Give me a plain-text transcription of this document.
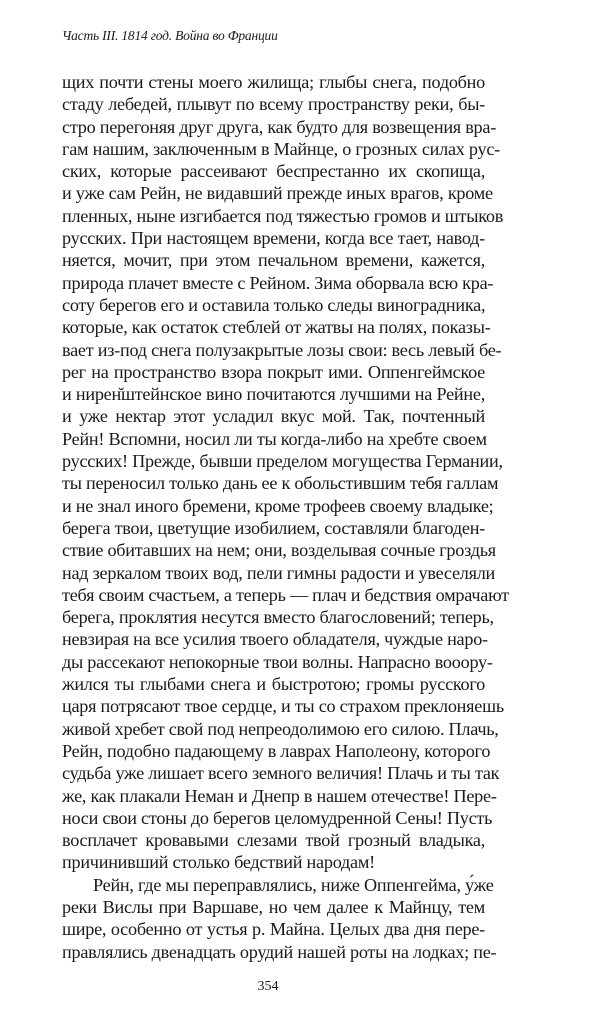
Часть III. 1814 год. Война во Франции
щих почти стены моего жилища; глыбы снега, подобно
стаду лебедей, плывут по всему пространству реки, бы-
стро перегоняя друг друга, как будто для возвещения вра-
гам нашим, заключенным в Майнце, о грозных силах рус-
ских, которые рассеивают беспрестанно их скопища,
и уже сам Рейн, не видавший прежде иных врагов, кроме
пленных, ныне изгибается под тяжестью громов и штыков
русских. При настоящем времени, когда все тает, навод-
няется, мочит, при этом печальном времени, кажется,
природа плачет вместе с Рейном. Зима оборвала всю кра-
соту берегов его и оставила только следы виноградника,
которые, как остаток стеблей от жатвы на полях, показы-
вает из-под снега полузакрытые лозы свои: весь левый бе-
рег на пространство взора покрыт ими. Оппенгеймское
и нирен̆штейнское вино почитаются лучшими на Рейне,
и уже нектар этот усладил вкус мой. Так, почтенный
Рейн! Вспомни, носил ли ты когда-либо на хребте своем
русских! Прежде, бывши пределом могущества Германии,
ты переносил только дань ее к обольстившим тебя галлам
и не знал иного бремени, кроме трофеев своему владыке;
берега твои, цветущие изобилием, составляли благоден-
ствие обитавших на нем; они, возделывая сочные гроздья
над зеркалом твоих вод, пели гимны радости и увеселяли
тебя своим счастьем, а теперь — плач и бедствия омрачают
берега, проклятия несутся вместо благословений; теперь,
невзирая на все усилия твоего обладателя, чуждые наро-
ды рассекают непокорные твои волны. Напрасно вооору-
жился ты глыбами снега и быстротою; громы русского
царя потрясают твое сердце, и ты со страхом преклоняешь
живой хребет свой под непреодолимою его силою. Плачь,
Рейн, подобно падающему в лаврах Наполеону, которого
судьба уже лишает всего земного величия! Плачь и ты так
же, как плакали Неман и Днепр в нашем отечестве! Пере-
носи свои стоны до берегов целомудренной Сены! Пусть
восплачет кровавыми слезами твой грозный владыка,
причинивший столько бедствий народам!
Рейн, где мы переправлялись, ниже Оппенгейма, у́же
реки Вислы при Варшаве, но чем далее к Майнцу, тем
шире, особенно от устья р. Майна. Целых два дня пере-
правлялись двенадцать орудий нашей роты на лодках; пе-
354
